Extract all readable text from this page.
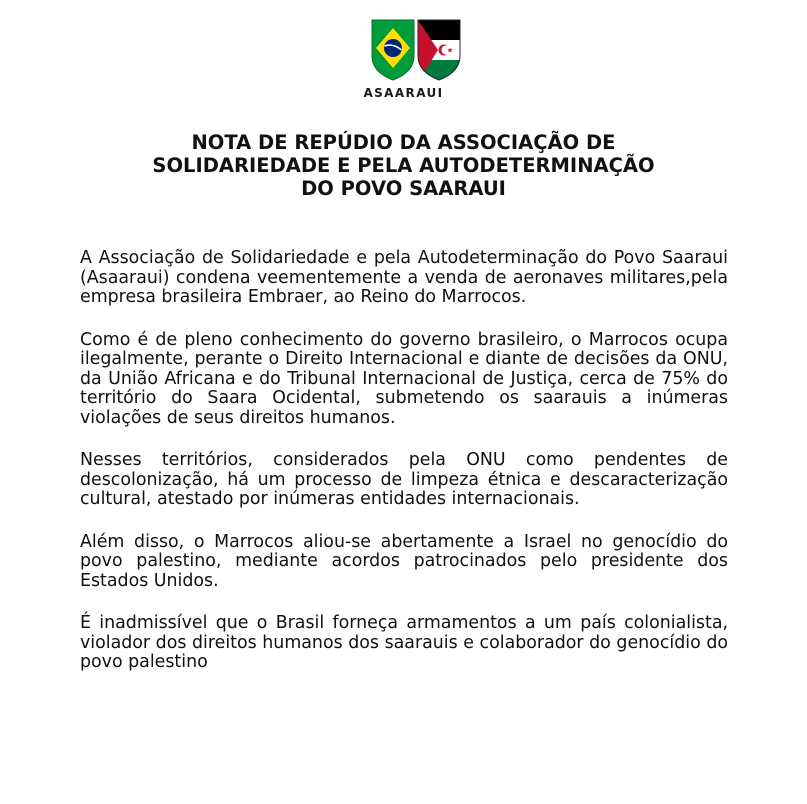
ASAARAUI
NOTA DE REPÚDIO DA ASSOCIAÇÃO DE
SOLIDARIEDADE E PELA AUTODETERMINAÇÃO
DO POVO SAARAUI

A Associação de Solidariedade e pela Autodeterminação do Povo Saaraui (Asaaraui) condena veementemente a venda de aeronaves militares,pela empresa brasileira Embraer, ao Reino do Marrocos.

Como é de pleno conhecimento do governo brasileiro, o Marrocos ocupa ilegalmente, perante o Direito Internacional e diante de decisões da ONU, da União Africana e do Tribunal Internacional de Justiça, cerca de 75% do território do Saara Ocidental, submetendo os saarauis a inúmeras violações de seus direitos humanos.

Nesses territórios, considerados pela ONU como pendentes de descolonização, há um processo de limpeza étnica e descaracterização cultural, atestado por inúmeras entidades internacionais.

Além disso, o Marrocos aliou-se abertamente a Israel no genocídio do povo palestino, mediante acordos patrocinados pelo presidente dos Estados Unidos.

É inadmissível que o Brasil forneça armamentos a um país colonialista, violador dos direitos humanos dos saarauis e colaborador do genocídio do povo palestino
